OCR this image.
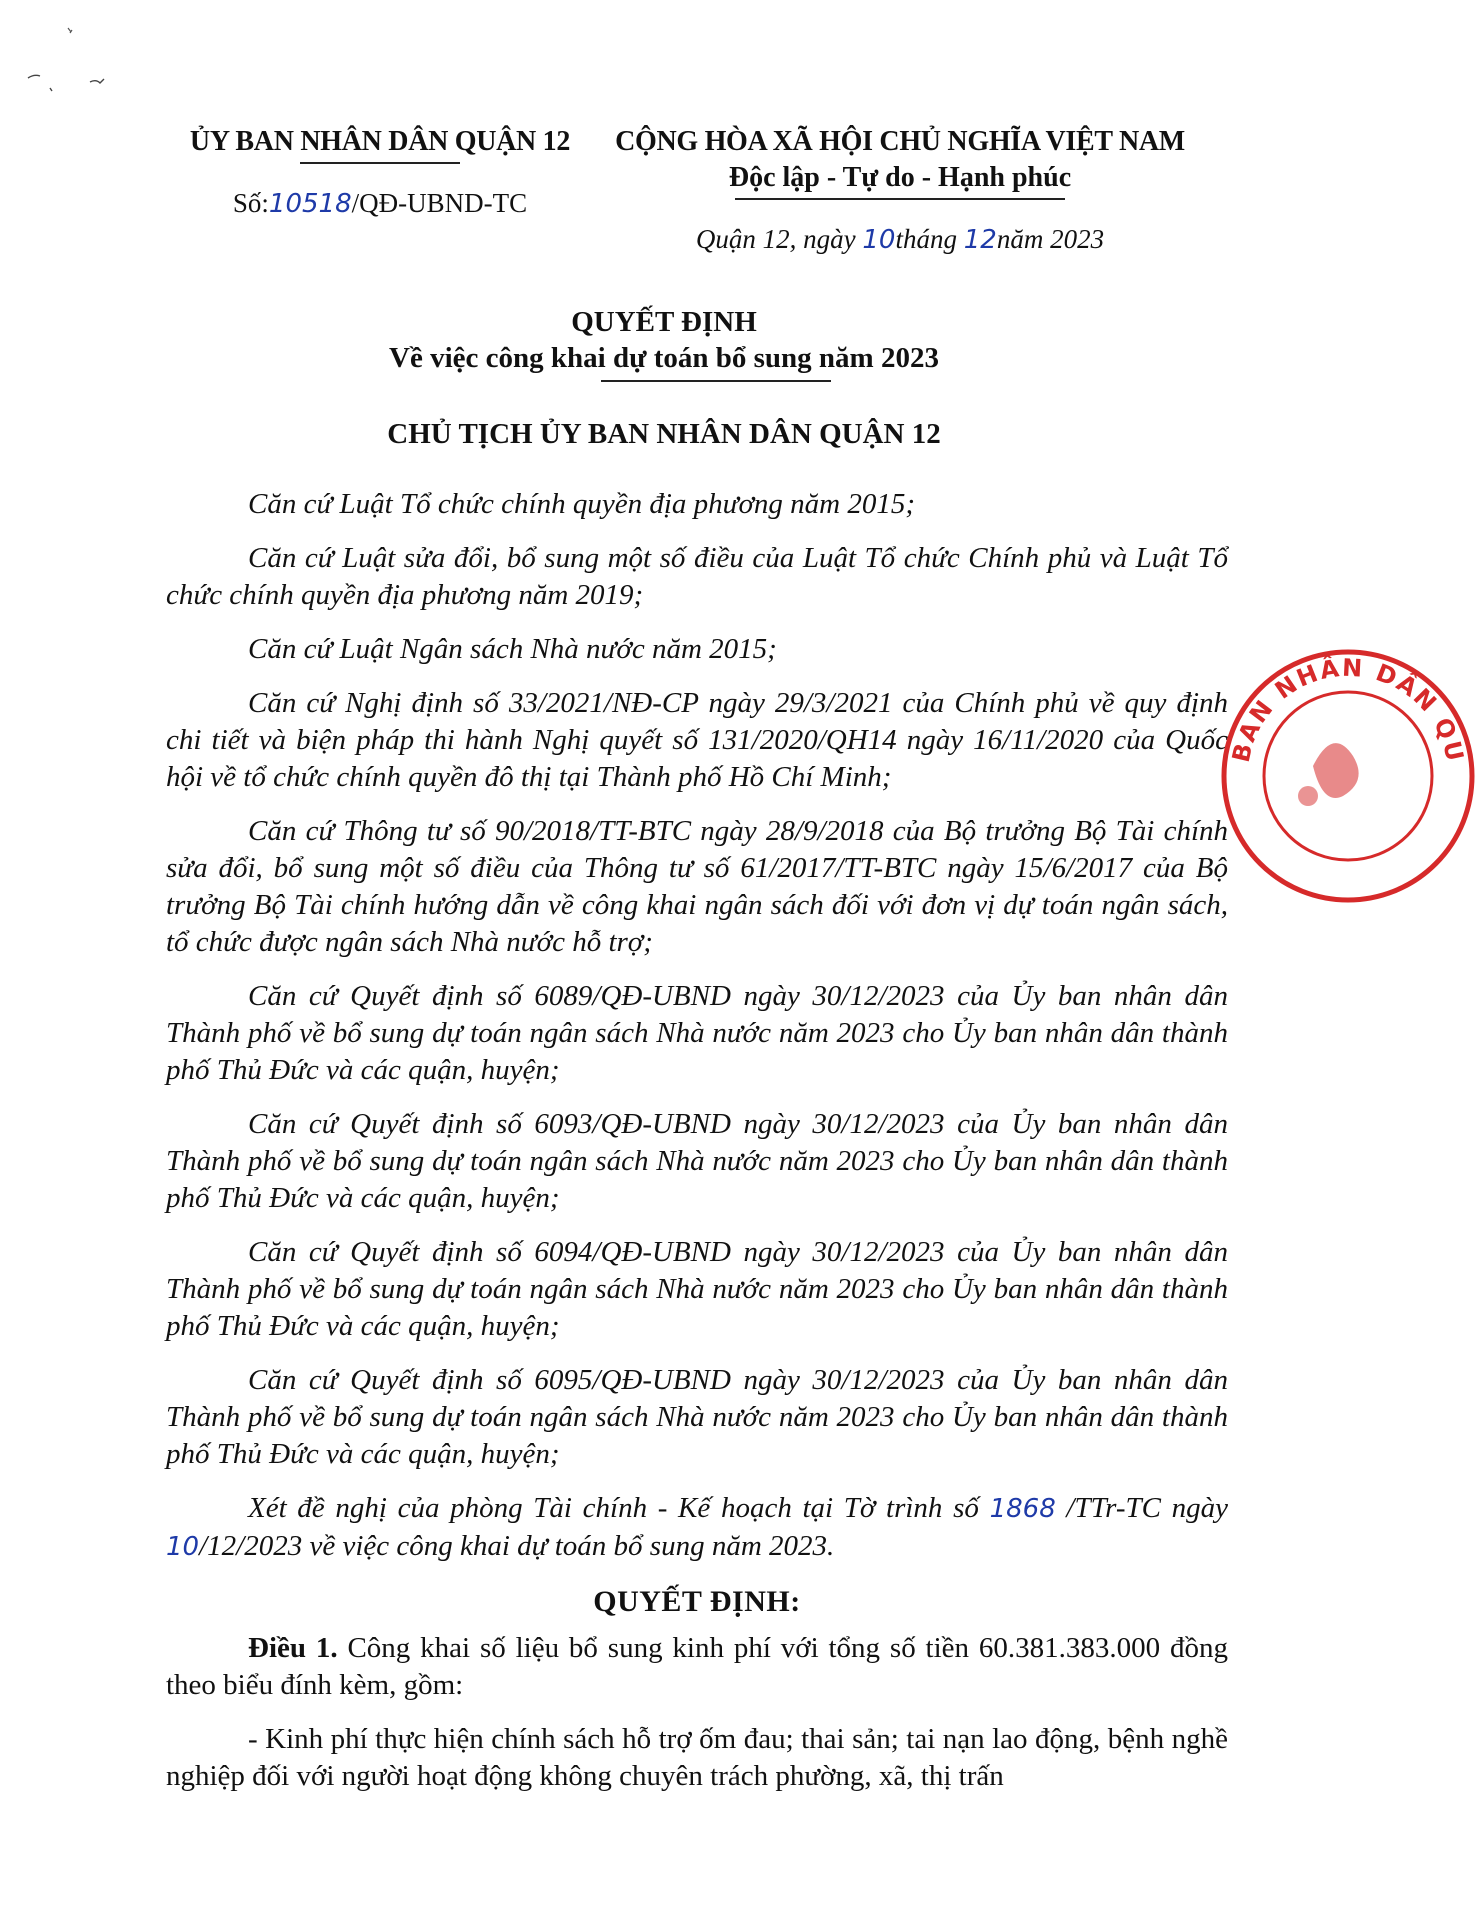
ỦY BAN NHÂN DÂN QUẬN 12
Số:10518/QĐ-UBND-TC
CỘNG HÒA XÃ HỘI CHỦ NGHĨA VIỆT NAM
Độc lập - Tự do - Hạnh phúc
Quận 12, ngày 10tháng 12năm 2023
QUYẾT ĐỊNH
Về việc công khai dự toán bổ sung năm 2023
CHỦ TỊCH ỦY BAN NHÂN DÂN QUẬN 12

Căn cứ Luật Tổ chức chính quyền địa phương năm 2015;

Căn cứ Luật sửa đổi, bổ sung một số điều của Luật Tổ chức Chính phủ và Luật Tổ chức chính quyền địa phương năm 2019;

Căn cứ Luật Ngân sách Nhà nước năm 2015;

Căn cứ Nghị định số 33/2021/NĐ-CP ngày 29/3/2021 của Chính phủ về quy định chi tiết và biện pháp thi hành Nghị quyết số 131/2020/QH14 ngày 16/11/2020 của Quốc hội về tổ chức chính quyền đô thị tại Thành phố Hồ Chí Minh;

Căn cứ Thông tư số 90/2018/TT-BTC ngày 28/9/2018 của Bộ trưởng Bộ Tài chính sửa đổi, bổ sung một số điều của Thông tư số 61/2017/TT-BTC ngày 15/6/2017 của Bộ trưởng Bộ Tài chính hướng dẫn về công khai ngân sách đối với đơn vị dự toán ngân sách, tổ chức được ngân sách Nhà nước hỗ trợ;

Căn cứ Quyết định số 6089/QĐ-UBND ngày 30/12/2023 của Ủy ban nhân dân Thành phố về bổ sung dự toán ngân sách Nhà nước năm 2023 cho Ủy ban nhân dân thành phố Thủ Đức và các quận, huyện;

Căn cứ Quyết định số 6093/QĐ-UBND ngày 30/12/2023 của Ủy ban nhân dân Thành phố về bổ sung dự toán ngân sách Nhà nước năm 2023 cho Ủy ban nhân dân thành phố Thủ Đức và các quận, huyện;

Căn cứ Quyết định số 6094/QĐ-UBND ngày 30/12/2023 của Ủy ban nhân dân Thành phố về bổ sung dự toán ngân sách Nhà nước năm 2023 cho Ủy ban nhân dân thành phố Thủ Đức và các quận, huyện;

Căn cứ Quyết định số 6095/QĐ-UBND ngày 30/12/2023 của Ủy ban nhân dân Thành phố về bổ sung dự toán ngân sách Nhà nước năm 2023 cho Ủy ban nhân dân thành phố Thủ Đức và các quận, huyện;

Xét đề nghị của phòng Tài chính - Kế hoạch tại Tờ trình số 1868 /TTr-TC ngày 10/12/2023 về việc công khai dự toán bổ sung năm 2023.

QUYẾT ĐỊNH:

Điều 1. Công khai số liệu bổ sung kinh phí với tổng số tiền 60.381.383.000 đồng theo biểu đính kèm, gồm:

- Kinh phí thực hiện chính sách hỗ trợ ốm đau; thai sản; tai nạn lao động, bệnh nghề nghiệp đối với người hoạt động không chuyên trách phường, xã, thị trấn

BAN NHÂN DÂN QU
